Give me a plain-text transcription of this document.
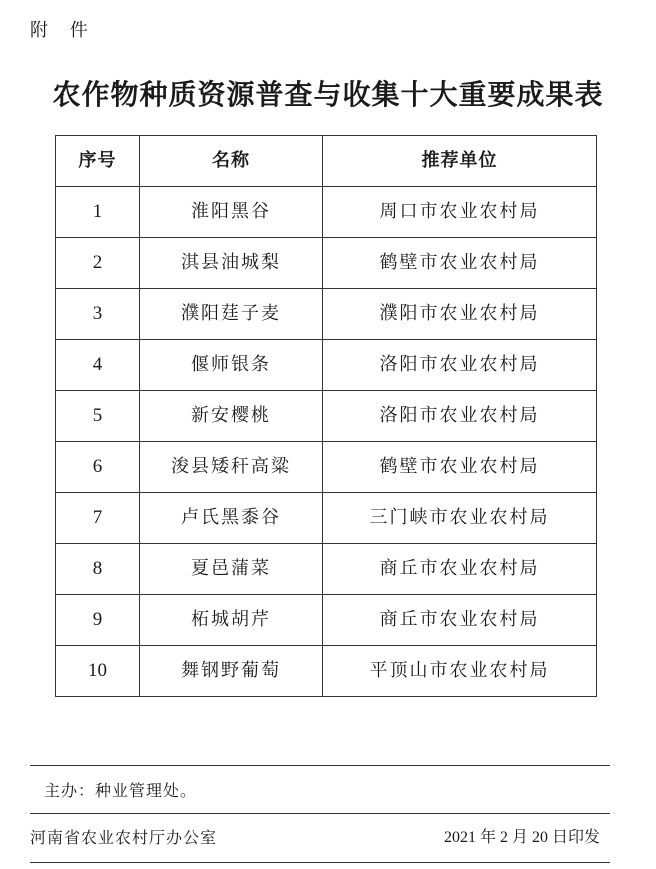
附 件
农作物种质资源普查与收集十大重要成果表
序号	名称	推荐单位
1	淮阳黑谷	周口市农业农村局
2	淇县油城梨	鹤壁市农业农村局
3	濮阳莛子麦	濮阳市农业农村局
4	偃师银条	洛阳市农业农村局
5	新安樱桃	洛阳市农业农村局
6	浚县矮秆高粱	鹤壁市农业农村局
7	卢氏黑黍谷	三门峡市农业农村局
8	夏邑蒲菜	商丘市农业农村局
9	柘城胡芹	商丘市农业农村局
10	舞钢野葡萄	平顶山市农业农村局
主办：种业管理处。
河南省农业农村厅办公室	2021 年 2 月 20 日印发
